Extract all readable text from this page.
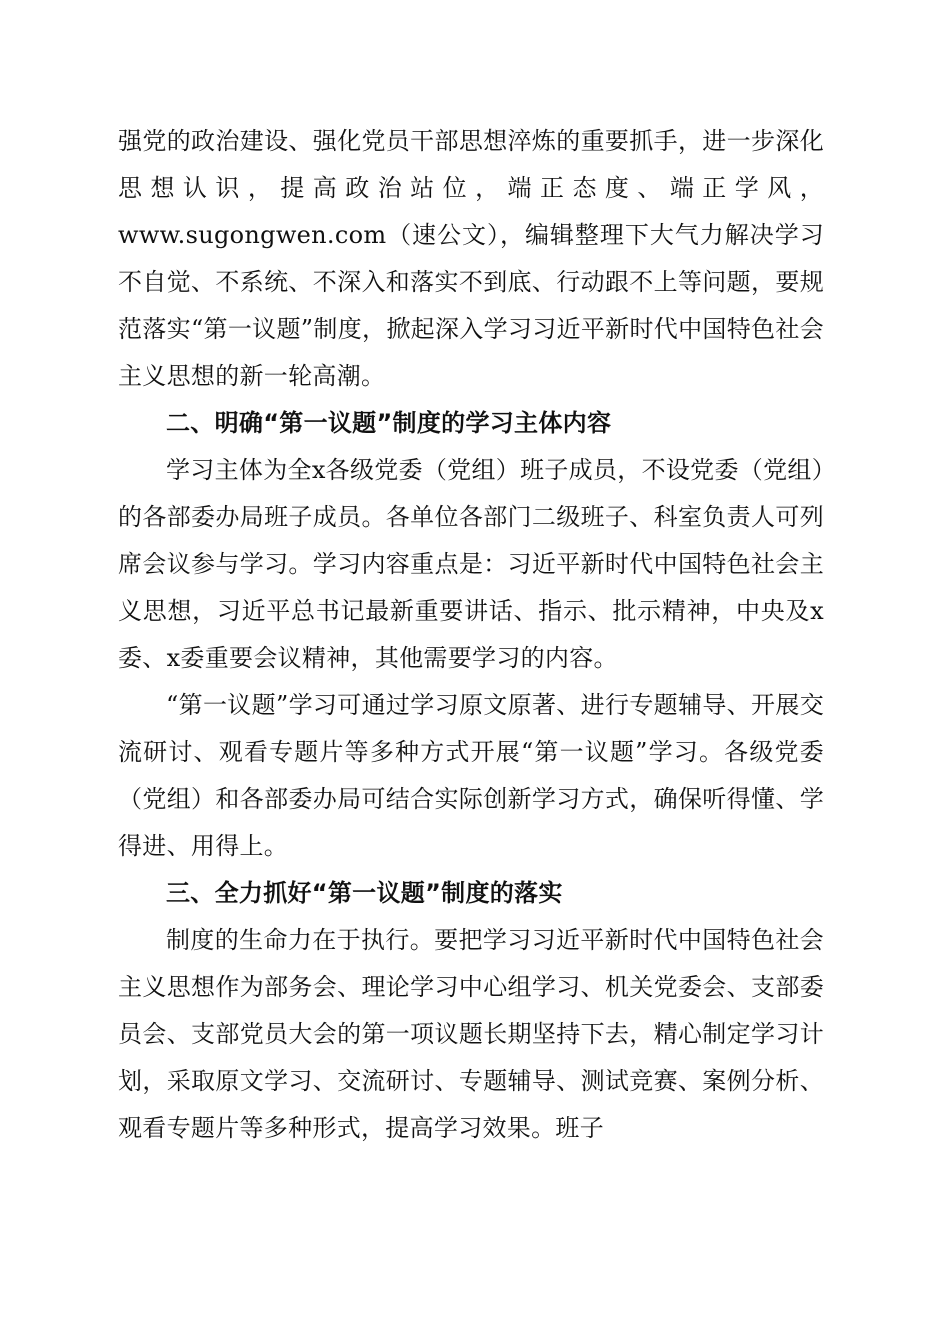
强党的政治建设、强化党员干部思想淬炼的重要抓手，进一步深化思想认识，提高政治站位，端正态度、端正学风，www.sugongwen.com（速公文），编辑整理下大气力解决学习不自觉、不系统、不深入和落实不到底、行动跟不上等问题，要规范落实“第一议题”制度，掀起深入学习习近平新时代中国特色社会主义思想的新一轮高潮。

二、明确“第一议题”制度的学习主体内容

学习主体为全x各级党委（党组）班子成员，不设党委（党组）的各部委办局班子成员。各单位各部门二级班子、科室负责人可列席会议参与学习。学习内容重点是：习近平新时代中国特色社会主义思想，习近平总书记最新重要讲话、指示、批示精神，中央及x委、x委重要会议精神，其他需要学习的内容。

“第一议题”学习可通过学习原文原著、进行专题辅导、开展交流研讨、观看专题片等多种方式开展“第一议题”学习。各级党委（党组）和各部委办局可结合实际创新学习方式，确保听得懂、学得进、用得上。

三、全力抓好“第一议题”制度的落实

制度的生命力在于执行。要把学习习近平新时代中国特色社会主义思想作为部务会、理论学习中心组学习、机关党委会、支部委员会、支部党员大会的第一项议题长期坚持下去，精心制定学习计划，采取原文学习、交流研讨、专题辅导、测试竞赛、案例分析、观看专题片等多种形式，提高学习效果。班子
